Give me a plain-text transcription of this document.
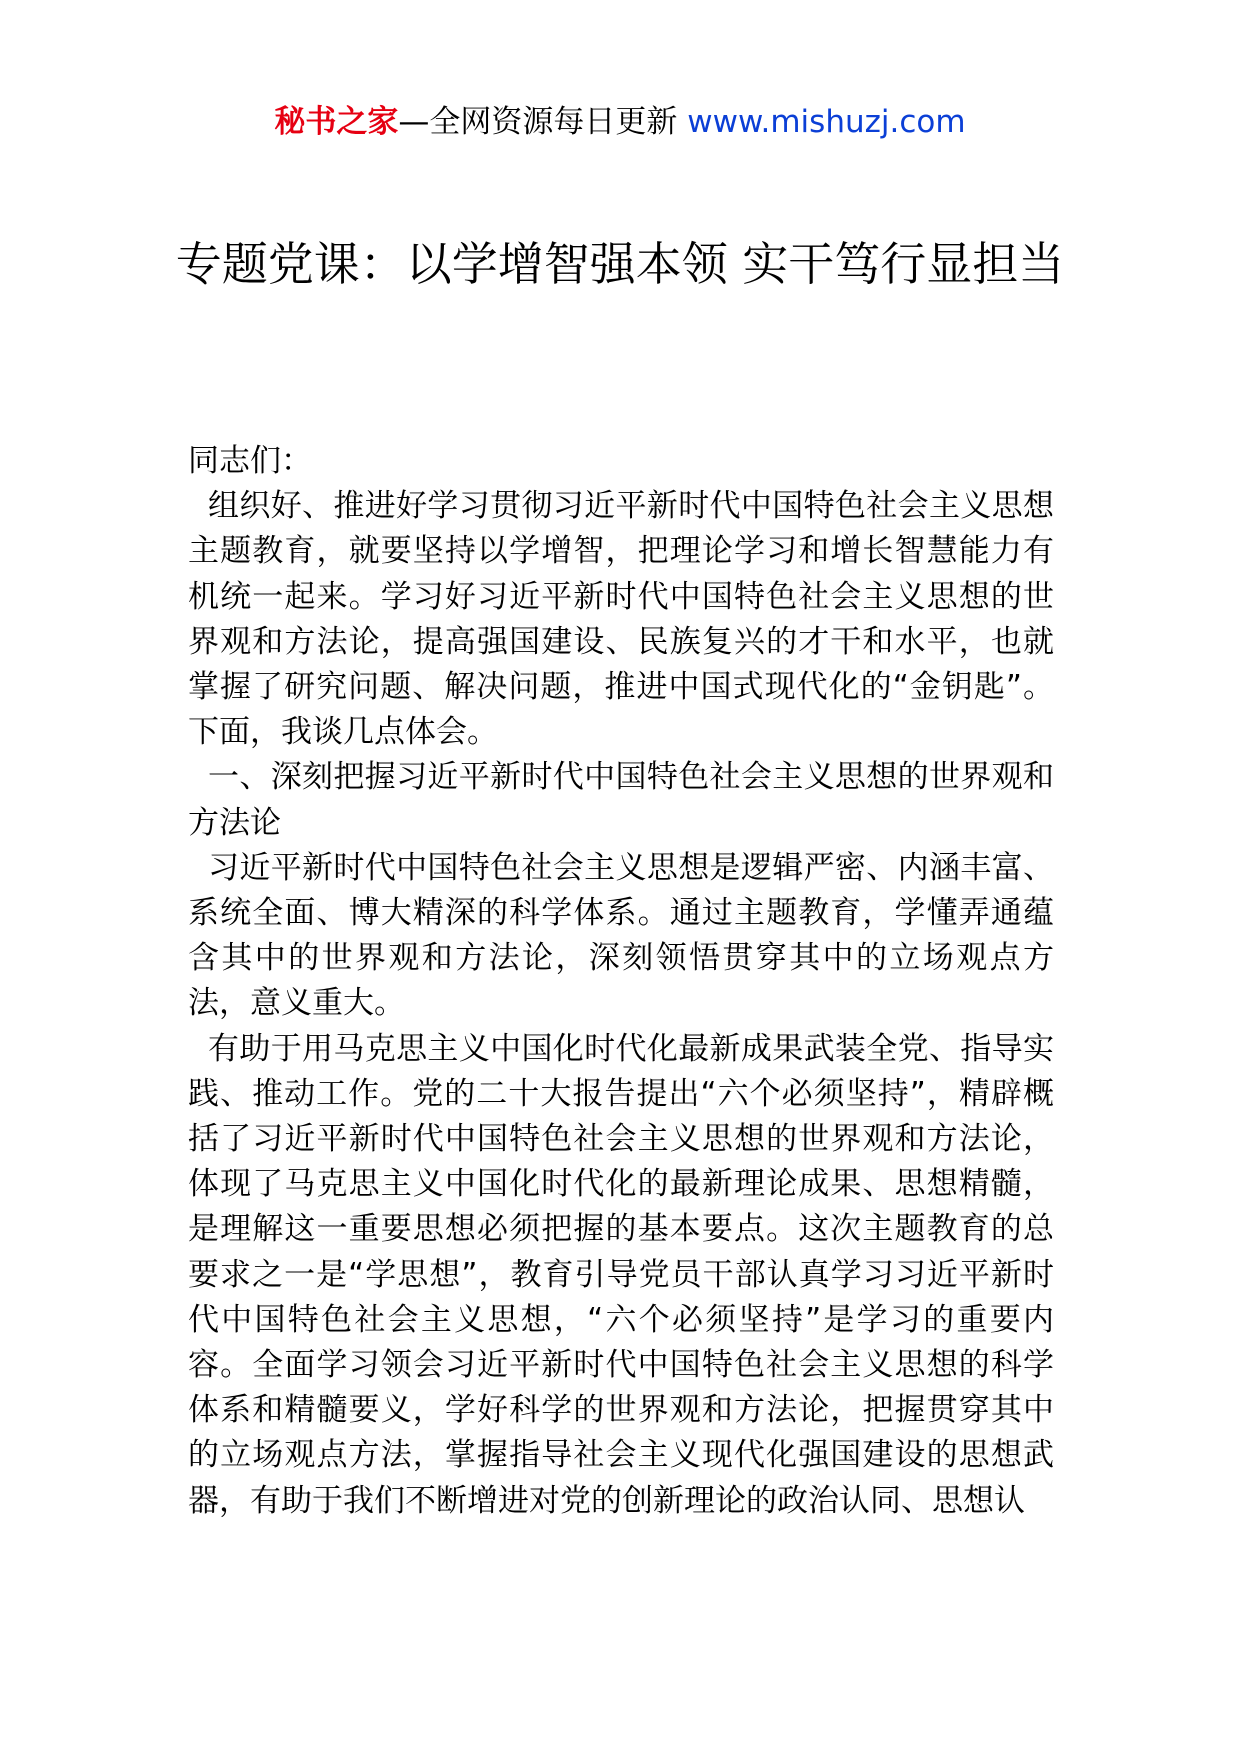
秘书之家—全网资源每日更新 www.mishuzj.com
专题党课：以学增智强本领 实干笃行显担当

同志们：

组织好、推进好学习贯彻习近平新时代中国特色社会主义思想主题教育，就要坚持以学增智，把理论学习和增长智慧能力有机统一起来。学习好习近平新时代中国特色社会主义思想的世界观和方法论，提高强国建设、民族复兴的才干和水平，也就掌握了研究问题、解决问题，推进中国式现代化的“金钥匙”。下面，我谈几点体会。

一、深刻把握习近平新时代中国特色社会主义思想的世界观和方法论

习近平新时代中国特色社会主义思想是逻辑严密、内涵丰富、系统全面、博大精深的科学体系。通过主题教育，学懂弄通蕴含其中的世界观和方法论，深刻领悟贯穿其中的立场观点方法，意义重大。

有助于用马克思主义中国化时代化最新成果武装全党、指导实践、推动工作。党的二十大报告提出“六个必须坚持”，精辟概括了习近平新时代中国特色社会主义思想的世界观和方法论，体现了马克思主义中国化时代化的最新理论成果、思想精髓，是理解这一重要思想必须把握的基本要点。这次主题教育的总要求之一是“学思想”，教育引导党员干部认真学习习近平新时代中国特色社会主义思想，“六个必须坚持”是学习的重要内容。全面学习领会习近平新时代中国特色社会主义思想的科学体系和精髓要义，学好科学的世界观和方法论，把握贯穿其中的立场观点方法，掌握指导社会主义现代化强国建设的思想武器，有助于我们不断增进对党的创新理论的政治认同、思想认
